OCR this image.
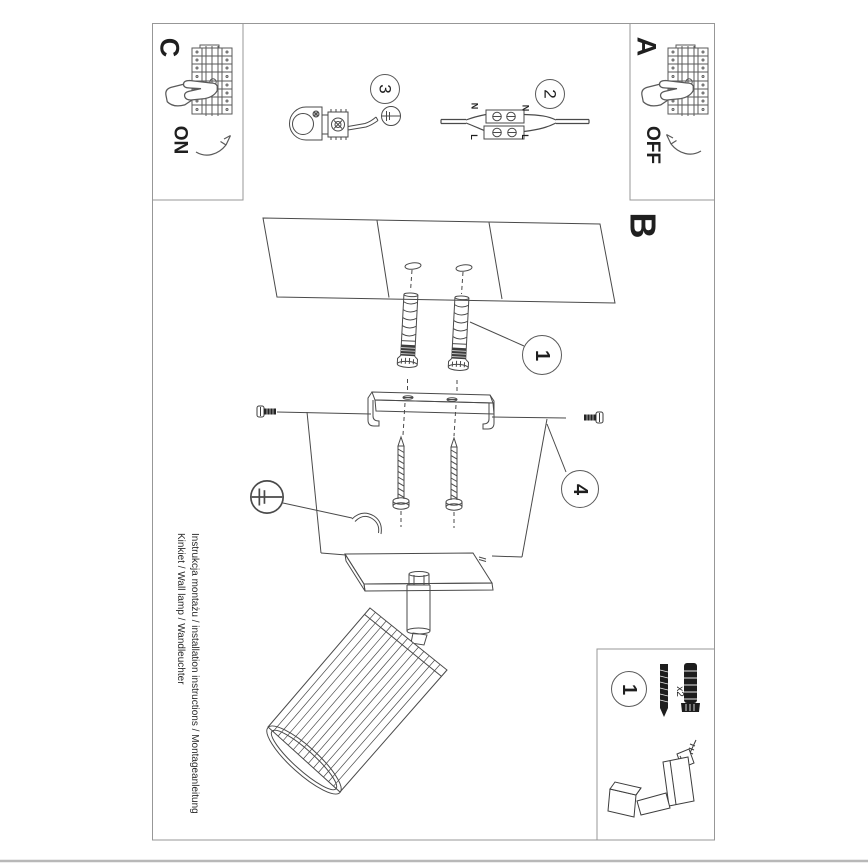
C	A
B
ON	OFF
3
2
1
4
1
N	N
L	L
x2
Instrukcja montażu / installation instructions / Montageanleitung
Kinkiet / Wall lamp / Wandleuchter
